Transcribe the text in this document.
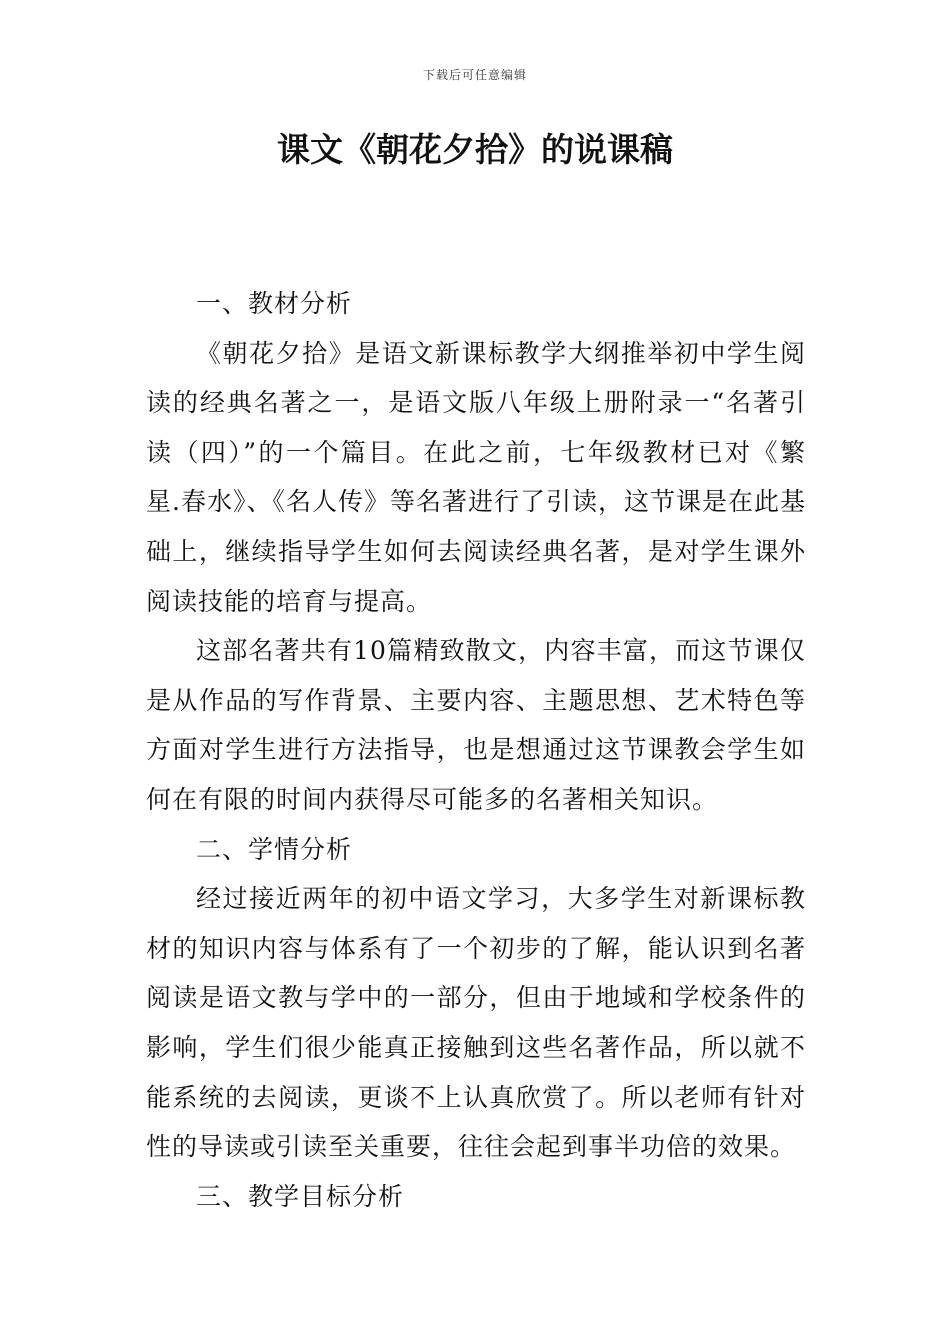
下载后可任意编辑
课文《朝花夕拾》的说课稿

一、教材分析

《朝花夕拾》是语文新课标教学大纲推举初中学生阅读的经典名著之一，是语文版八年级上册附录一“名著引读（四）”的一个篇目。在此之前，七年级教材已对《繁星.春水》、《名人传》等名著进行了引读，这节课是在此基础上，继续指导学生如何去阅读经典名著，是对学生课外阅读技能的培育与提高。

这部名著共有10篇精致散文，内容丰富，而这节课仅是从作品的写作背景、主要内容、主题思想、艺术特色等方面对学生进行方法指导，也是想通过这节课教会学生如何在有限的时间内获得尽可能多的名著相关知识。

二、学情分析

经过接近两年的初中语文学习，大多学生对新课标教材的知识内容与体系有了一个初步的了解，能认识到名著阅读是语文教与学中的一部分，但由于地域和学校条件的影响，学生们很少能真正接触到这些名著作品，所以就不能系统的去阅读，更谈不上认真欣赏了。所以老师有针对性的导读或引读至关重要，往往会起到事半功倍的效果。

三、教学目标分析
